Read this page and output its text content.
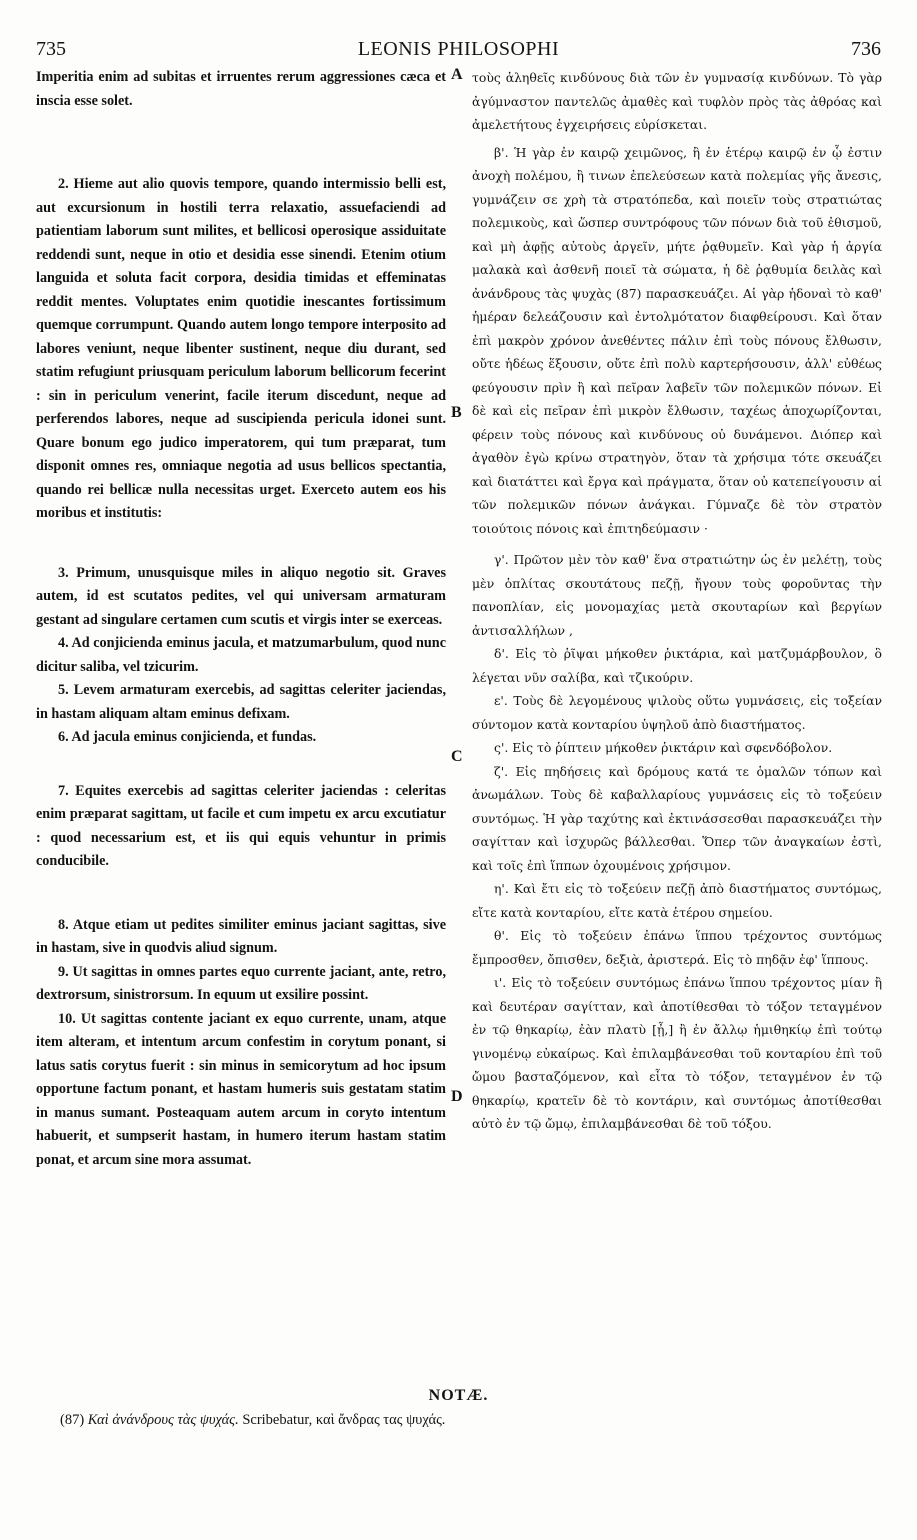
735	LEONIS PHILOSOPHI	736
Imperitia enim ad subitas et irruentes rerum aggressiones cæca et inscia esse solet.
2. Hieme aut alio quovis tempore, quando intermissio belli est, aut excursionum in hostili terra relaxatio, assuefaciendi ad patientiam laborum sunt milites, et bellicosi operosique assiduitate reddendi sunt, neque in otio et desidia esse sinendi. Etenim otium languida et soluta facit corpora, desidia timidas et effeminatas reddit mentes. Voluptates enim quotidie inescantes fortissimum quemque corrumpunt. Quando autem longo tempore interposito ad labores veniunt, neque libenter sustinent, neque diu durant, sed statim refugiunt priusquam periculum laborum bellicorum fecerint : sin in periculum venerint, facile iterum discedunt, neque ad perferendos labores, neque ad suscipienda pericula idonei sunt. Quare bonum ego judico imperatorem, qui tum præparat, tum disponit omnes res, omniaque negotia ad usus bellicos spectantia, quando rei bellicæ nulla necessitas urget. Exerceto autem eos his moribus et institutis:
3. Primum, unusquisque miles in aliquo negotio sit. Graves autem, id est scutatos pedites, vel qui universam armaturam gestant ad singulare certamen cum scutis et virgis inter se exerceas.
4. Ad conjicienda eminus jacula, et matzumarbulum, quod nunc dicitur saliba, vel tzicurim.
5. Levem armaturam exercebis, ad sagittas celeriter jaciendas, in hastam aliquam altam eminus defixam.
6. Ad jacula eminus conjicienda, et fundas.
7. Equites exercebis ad sagittas celeriter jaciendas : celeritas enim præparat sagittam, ut facile et cum impetu ex arcu excutiatur : quod necessarium est, et iis qui equis vehuntur in primis conducibile.
8. Atque etiam ut pedites similiter eminus jaciant sagittas, sive in hastam, sive in quodvis aliud signum.
9. Ut sagittas in omnes partes equo currente jaciant, ante, retro, dextrorsum, sinistrorsum. In equum ut exsilire possint.
10. Ut sagittas contente jaciant ex equo currente, unam, atque item alteram, et intentum arcum confestim in corytum ponant, si latus satis corytus fuerit : sin minus in semicorytum ad hoc ipsum opportune factum ponant, et hastam humeris suis gestatam statim in manus sumant. Posteaquam autem arcum in coryto intentum habuerit, et sumpserit hastam, in humero iterum hastam statim ponat, et arcum sine mora assumat.
A
B
C
D
τοὺς ἀληθεῖς κινδύνους διὰ τῶν ἐν γυμνασίᾳ κινδύνων. Τὸ γὰρ ἀγύμναστον παντελῶς ἀμαθὲς καὶ τυφλὸν πρὸς τὰς ἀθρόας καὶ ἀμελετήτους ἐγχειρήσεις εὑρίσκεται.
β'. Ἡ γὰρ ἐν καιρῷ χειμῶνος, ἢ ἐν ἑτέρῳ καιρῷ ἐν ᾧ ἐστιν ἀνοχὴ πολέμου, ἢ τινων ἐπελεύσεων κατὰ πολεμίας γῆς ἄνεσις, γυμνάζειν σε χρὴ τὰ στρατόπεδα, καὶ ποιεῖν τοὺς στρατιώτας πολεμικοὺς, καὶ ὥσπερ συντρόφους τῶν πόνων διὰ τοῦ ἐθισμοῦ, καὶ μὴ ἀφῇς αὐτοὺς ἀργεῖν, μήτε ῥᾳθυμεῖν. Καὶ γὰρ ἡ ἀργία μαλακὰ καὶ ἀσθενῆ ποιεῖ τὰ σώματα, ἡ δὲ ῥᾳθυμία δειλὰς καὶ ἀνάνδρους τὰς ψυχὰς (87) παρασκευάζει. Αἱ γὰρ ἡδοναὶ τὸ καθ' ἡμέραν δελεάζουσιν καὶ ἐντολμότατον διαφθείρουσι. Καὶ ὅταν ἐπὶ μακρὸν χρόνον ἀνεθέντες πάλιν ἐπὶ τοὺς πόνους ἔλθωσιν, οὔτε ἡδέως ἕξουσιν, οὔτε ἐπὶ πολὺ καρτερήσουσιν, ἀλλ' εὐθέως φεύγουσιν πρὶν ἢ καὶ πεῖραν λαβεῖν τῶν πολεμικῶν πόνων. Εἰ δὲ καὶ εἰς πεῖραν ἐπὶ μικρὸν ἔλθωσιν, ταχέως ἀποχωρίζονται, φέρειν τοὺς πόνους καὶ κινδύνους οὐ δυνάμενοι. Διόπερ καὶ ἀγαθὸν ἐγὼ κρίνω στρατηγὸν, ὅταν τὰ χρήσιμα τότε σκευάζει καὶ διατάττει καὶ ἔργα καὶ πράγματα, ὅταν οὐ κατεπείγουσιν αἱ τῶν πολεμικῶν πόνων ἀνάγκαι. Γύμναζε δὲ τὸν στρατὸν τοιούτοις πόνοις καὶ ἐπιτηδεύμασιν ·
γ'. Πρῶτον μὲν τὸν καθ' ἕνα στρατιώτην ὡς ἐν μελέτῃ, τοὺς μὲν ὁπλίτας σκουτάτους πεζῇ, ἤγουν τοὺς φοροῦντας τὴν πανοπλίαν, εἰς μονομαχίας μετὰ σκουταρίων καὶ βεργίων ἀντισαλλήλων ,
δ'. Εἰς τὸ ῥῖψαι μήκοθεν ῥικτάρια, καὶ ματζυμάρβουλον, ὃ λέγεται νῦν σαλίβα, καὶ τζικούριν.
ε'. Τοὺς δὲ λεγομένους ψιλοὺς οὕτω γυμνάσεις, εἰς τοξείαν σύντομον κατὰ κονταρίου ὑψηλοῦ ἀπὸ διαστήματος.
ς'. Εἰς τὸ ῥίπτειν μήκοθεν ῥικτάριν καὶ σφενδόβολον.
ζ'. Εἰς πηδήσεις καὶ δρόμους κατά τε ὁμαλῶν τόπων καὶ ἀνωμάλων. Τοὺς δὲ καβαλλαρίους γυμνάσεις εἰς τὸ τοξεύειν συντόμως. Ἡ γὰρ ταχύτης καὶ ἐκτινάσσεσθαι παρασκευάζει τὴν σαγίτταν καὶ ἰσχυρῶς βάλλεσθαι. Ὅπερ τῶν ἀναγκαίων ἐστὶ, καὶ τοῖς ἐπὶ ἵππων ὀχουμένοις χρήσιμον.
η'. Καὶ ἔτι εἰς τὸ τοξεύειν πεζῇ ἀπὸ διαστήματος συντόμως, εἴτε κατὰ κονταρίου, εἴτε κατὰ ἑτέρου σημείου.
θ'. Εἰς τὸ τοξεύειν ἐπάνω ἵππου τρέχοντος συντόμως ἔμπροσθεν, ὄπισθεν, δεξιὰ, ἀριστερά. Εἰς τὸ πηδᾷν ἐφ' ἵππους.
ι'. Εἰς τὸ τοξεύειν συντόμως ἐπάνω ἵππου τρέχοντος μίαν ἢ καὶ δευτέραν σαγίτταν, καὶ ἀποτίθεσθαι τὸ τόξον τεταγμένον ἐν τῷ θηκαρίῳ, ἐὰν πλατὺ [ᾖ,] ἢ ἐν ἄλλῳ ἡμιθηκίῳ ἐπὶ τούτῳ γινομένῳ εὐκαίρως. Καὶ ἐπιλαμβάνεσθαι τοῦ κονταρίου ἐπὶ τοῦ ὤμου βασταζόμενον, καὶ εἶτα τὸ τόξον, τεταγμένον ἐν τῷ θηκαρίῳ, κρατεῖν δὲ τὸ κοντάριν, καὶ συντόμως ἀποτίθεσθαι αὐτὸ ἐν τῷ ὤμῳ, ἐπιλαμβάνεσθαι δὲ τοῦ τόξου.
NOTÆ.
(87) Καὶ ἀνάνδρους τὰς ψυχάς. Scribebatur, καὶ ἄνδρας τας ψυχάς.
